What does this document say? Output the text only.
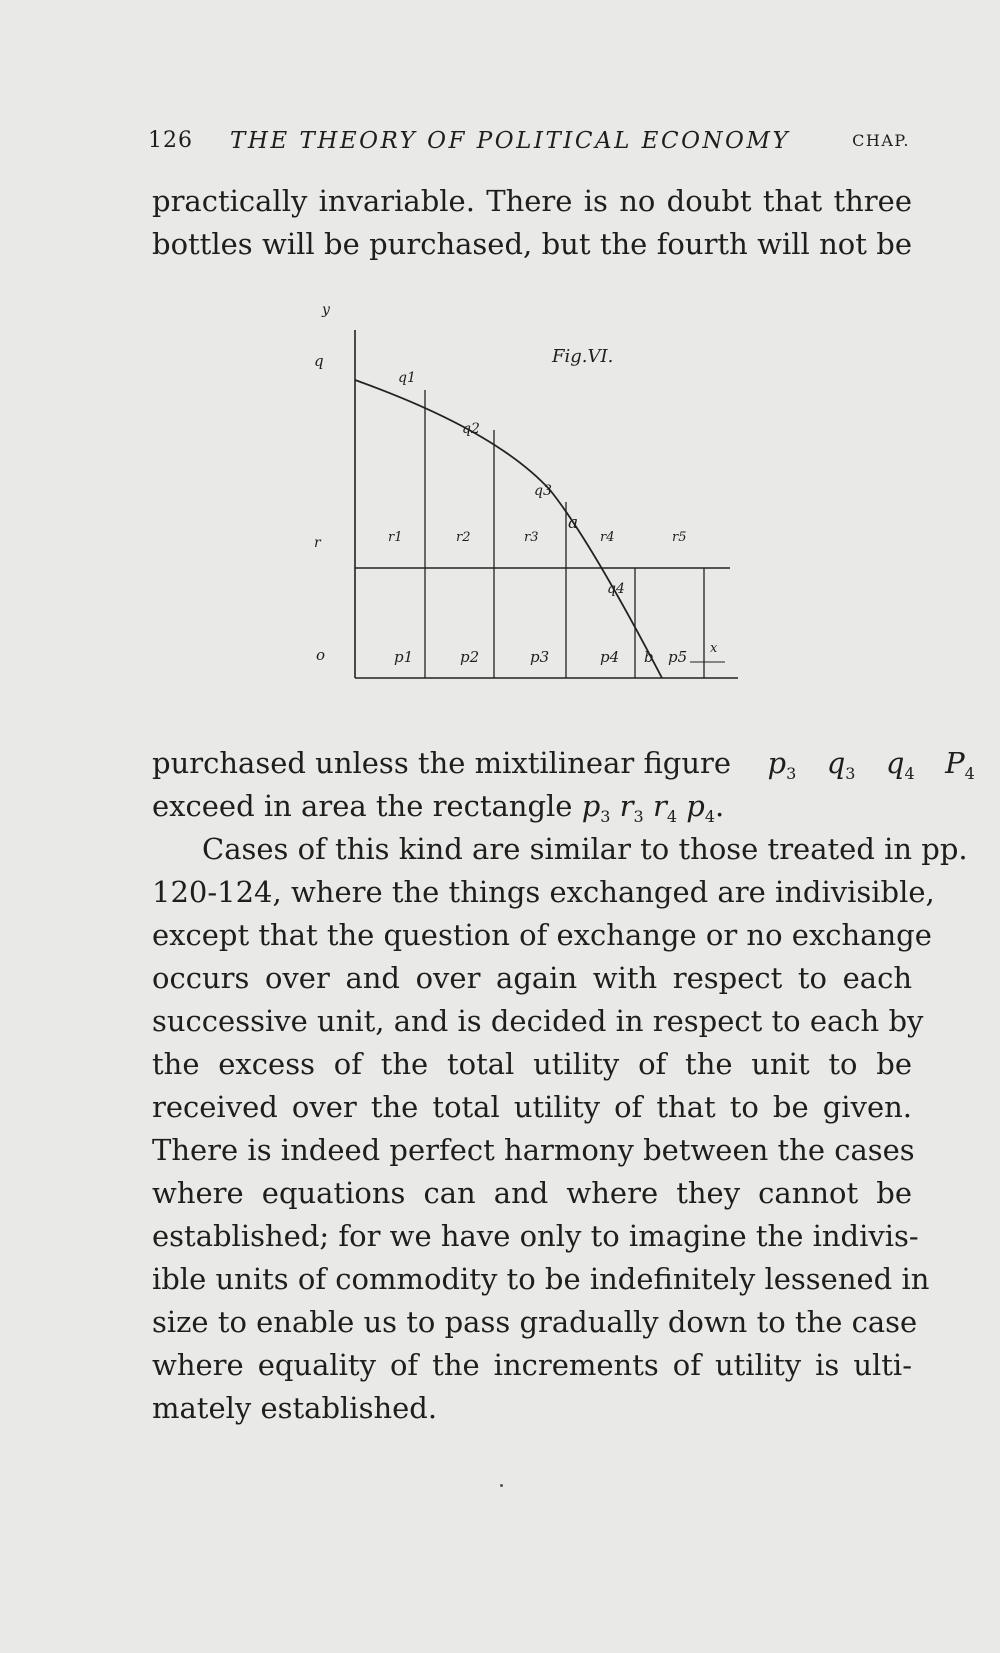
126 THE THEORY OF POLITICAL ECONOMY	CHAP.
practically invariable. There is no doubt that three
bottles will be purchased, but the fourth will not be
y
q
r
o
Fig.VI.
q1
q2
q3
q4
a
r1	r2	r3	r4	r5
x
p1	p2	p3	p4 b p5
purchased unless the mixtilinear figure $p_3$ $q_3$ $q_4$ $P_4$
exceed in area the rectangle $p_3$ $r_3$ $r_4$ $p_4$.
Cases of this kind are similar to those treated in pp.
120-124, where the things exchanged are indivisible,
except that the question of exchange or no exchange
occurs over and over again with respect to each
successive unit, and is decided in respect to each by
the excess of the total utility of the unit to be
received over the total utility of that to be given.
There is indeed perfect harmony between the cases
where equations can and where they cannot be
established; for we have only to imagine the indivis-
ible units of commodity to be indefinitely lessened in
size to enable us to pass gradually down to the case
where equality of the increments of utility is ulti-
mately established.
